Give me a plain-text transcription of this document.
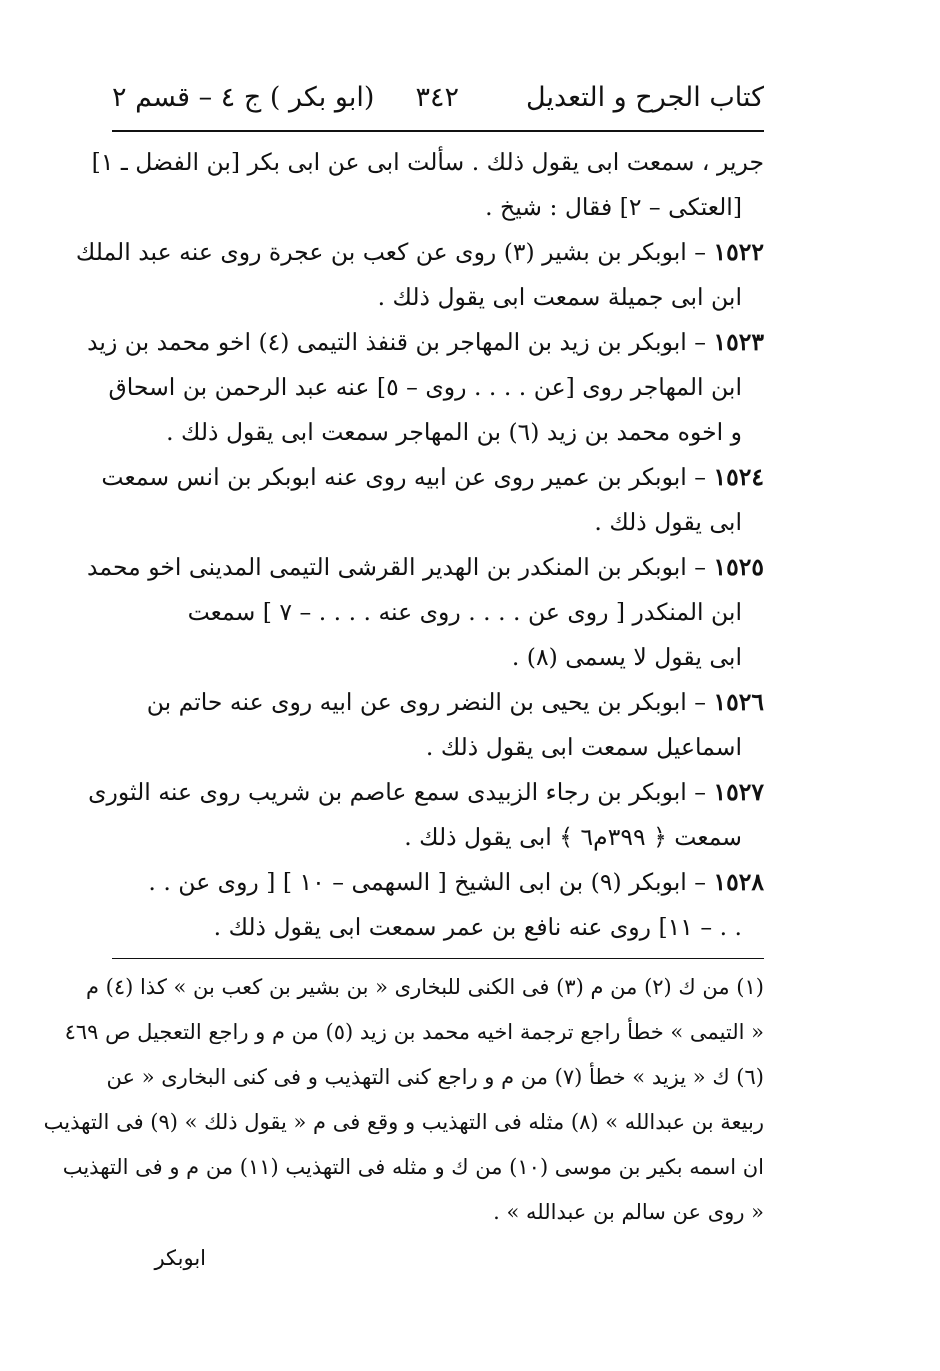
كتاب الجرح و التعديل
٣٤٢
(ابو بكر ) ج ٤ – قسم ٢
جرير ، سمعت ابی يقول ذلك . سألت ابی عن ابی بكر [بن الفضل ـ ١]
[العتكی – ٢] فقال : شيخ .
١٥٢٢ – ابوبكر بن بشير (٣) روى عن كعب بن عجرة روى عنه عبد الملك
ابن ابی جميلة سمعت ابی يقول ذلك .
١٥٢٣ – ابوبكر بن زيد بن المهاجر بن قنفذ التيمی (٤) اخو محمد بن زيد
ابن المهاجر روى [عن . . . . روى – ٥] عنه عبد الرحمن بن اسحاق
و اخوه محمد بن زيد (٦) بن المهاجر سمعت ابی يقول ذلك .
١٥٢٤ – ابوبكر بن عمير روى عن ابيه روى عنه ابوبكر بن انس سمعت
ابی يقول ذلك .
١٥٢٥ – ابوبكر بن المنكدر بن الهدير القرشی التيمی المدينی اخو محمد
ابن المنكدر [ روى عن . . . . روى عنه . . . . – ٧ ] سمعت
ابی يقول لا يسمی (٨) .
١٥٢٦ – ابوبكر بن يحيی بن النضر روى عن ابيه روى عنه حاتم بن
اسماعيل سمعت ابی يقول ذلك .
١٥٢٧ – ابوبكر بن رجاء الزبيدی سمع عاصم بن شريب روى عنه الثوری
سمعت ﴿ ٣٩٩م٦ ﴾ ابی يقول ذلك .
١٥٢٨ – ابوبكر (٩) بن ابی الشيخ [ السهمی – ١٠ ] [ روى عن . .
. . – ١١] روى عنه نافع بن عمر سمعت ابی يقول ذلك .
(١) من ك (٢) من م (٣) فی الكنی للبخاری « بن بشير بن كعب بن » كذا (٤) م
« التيمی » خطأ راجع ترجمة اخيه محمد بن زيد (٥) من م و راجع التعجيل ص ٤٦٩
(٦) ك « يزيد » خطأ (٧) من م و راجع كنی التهذيب و فی كنی البخاری « عن
ربيعة بن عبدالله » (٨) مثله فی التهذيب و وقع فی م « يقول ذلك » (٩) فی التهذيب
ان اسمه بكير بن موسی (١٠) من ك و مثله فی التهذيب (١١) من م و فی التهذيب
« روى عن سالم بن عبدالله » .
ابوبكر
